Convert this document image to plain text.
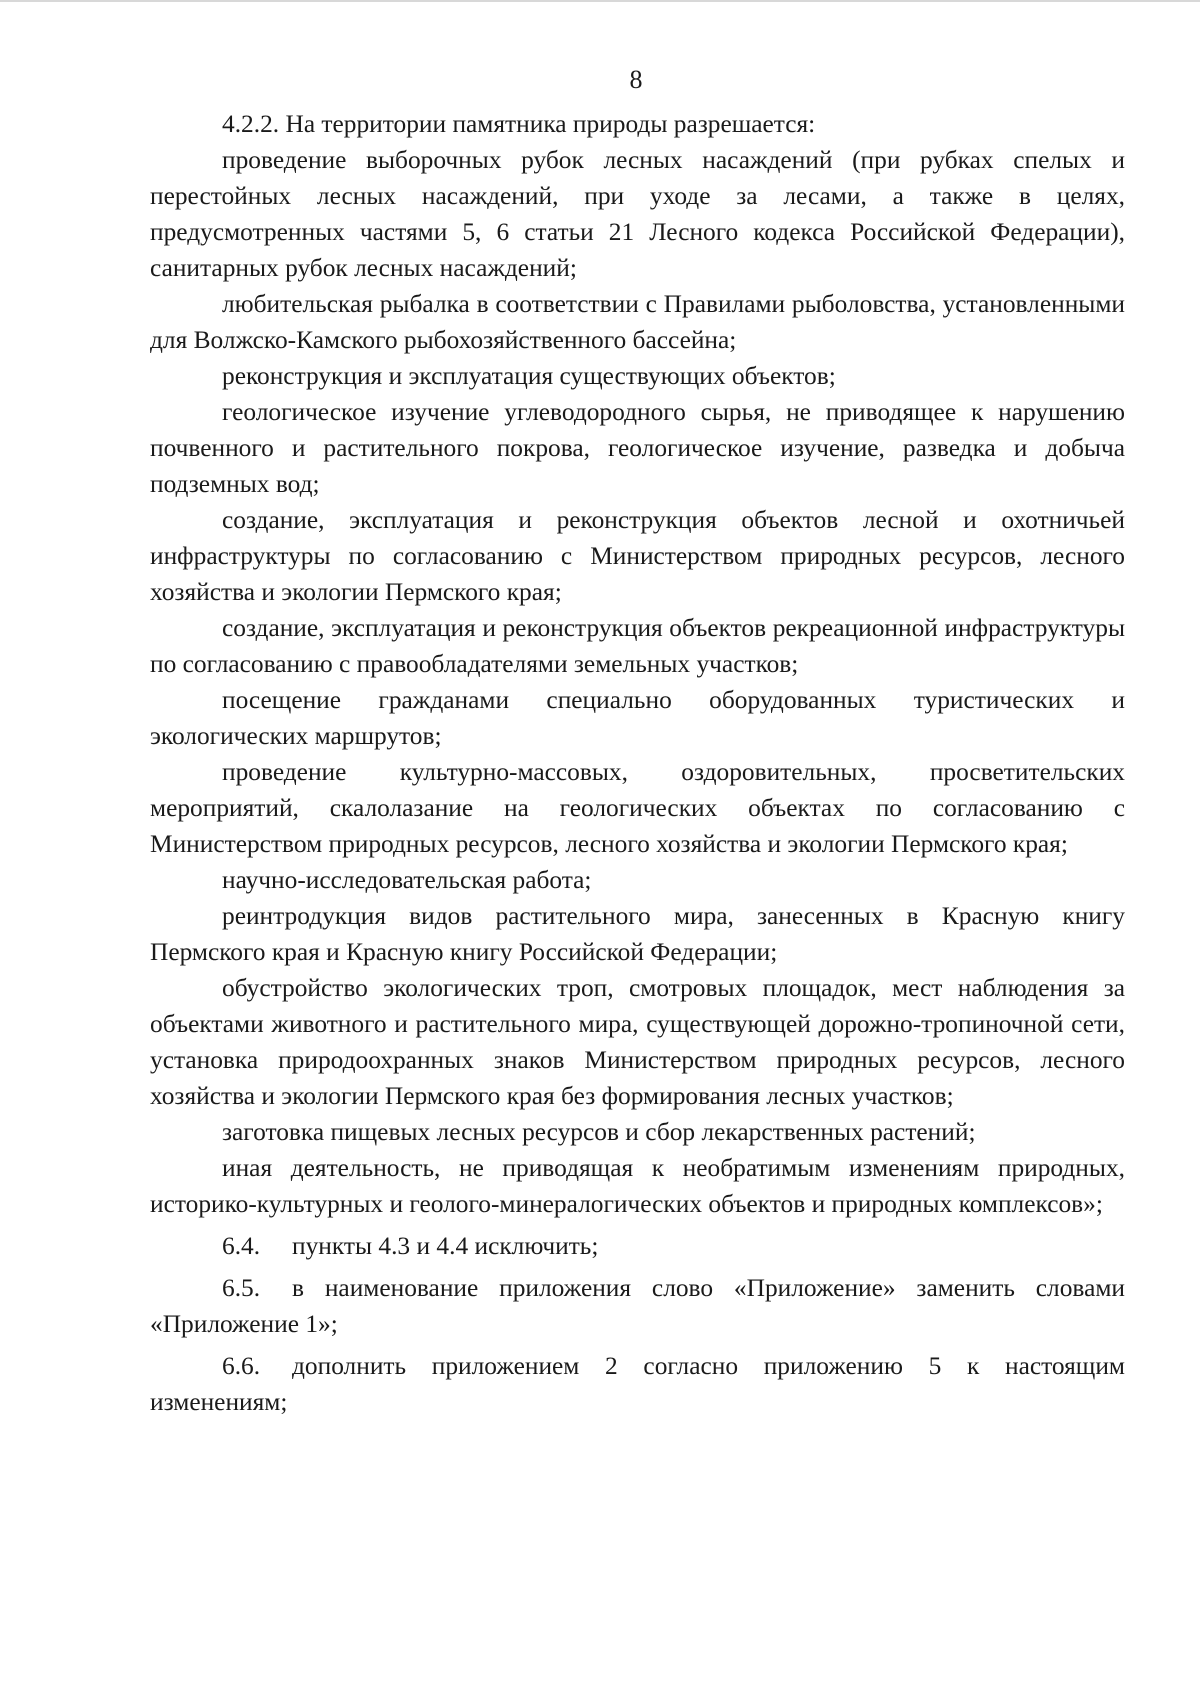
8

4.2.2. На территории памятника природы разрешается:

проведение выборочных рубок лесных насаждений (при рубках спелых и перестойных лесных насаждений, при уходе за лесами, а также в целях, предусмотренных частями 5, 6 статьи 21 Лесного кодекса Российской Федерации), санитарных рубок лесных насаждений;

любительская рыбалка в соответствии с Правилами рыболовства, установленными для Волжско-Камского рыбохозяйственного бассейна;

реконструкция и эксплуатация существующих объектов;

геологическое изучение углеводородного сырья, не приводящее к нарушению почвенного и растительного покрова, геологическое изучение, разведка и добыча подземных вод;

создание, эксплуатация и реконструкция объектов лесной и охотничьей инфраструктуры по согласованию с Министерством природных ресурсов, лесного хозяйства и экологии Пермского края;

создание, эксплуатация и реконструкция объектов рекреационной инфраструктуры по согласованию с правообладателями земельных участков;

посещение гражданами специально оборудованных туристических и экологических маршрутов;

проведение культурно-массовых, оздоровительных, просветительских мероприятий, скалолазание на геологических объектах по согласованию с Министерством природных ресурсов, лесного хозяйства и экологии Пермского края;

научно-исследовательская работа;

реинтродукция видов растительного мира, занесенных в Красную книгу Пермского края и Красную книгу Российской Федерации;

обустройство экологических троп, смотровых площадок, мест наблюдения за объектами животного и растительного мира, существующей дорожно-тропиночной сети, установка природоохранных знаков Министерством природных ресурсов, лесного хозяйства и экологии Пермского края без формирования лесных участков;

заготовка пищевых лесных ресурсов и сбор лекарственных растений;

иная деятельность, не приводящая к необратимым изменениям природных, историко-культурных и геолого-минералогических объектов и природных комплексов»;

6.4. пункты 4.3 и 4.4 исключить;

6.5. в наименование приложения слово «Приложение» заменить словами «Приложение 1»;

6.6. дополнить приложением 2 согласно приложению 5 к настоящим изменениям;
